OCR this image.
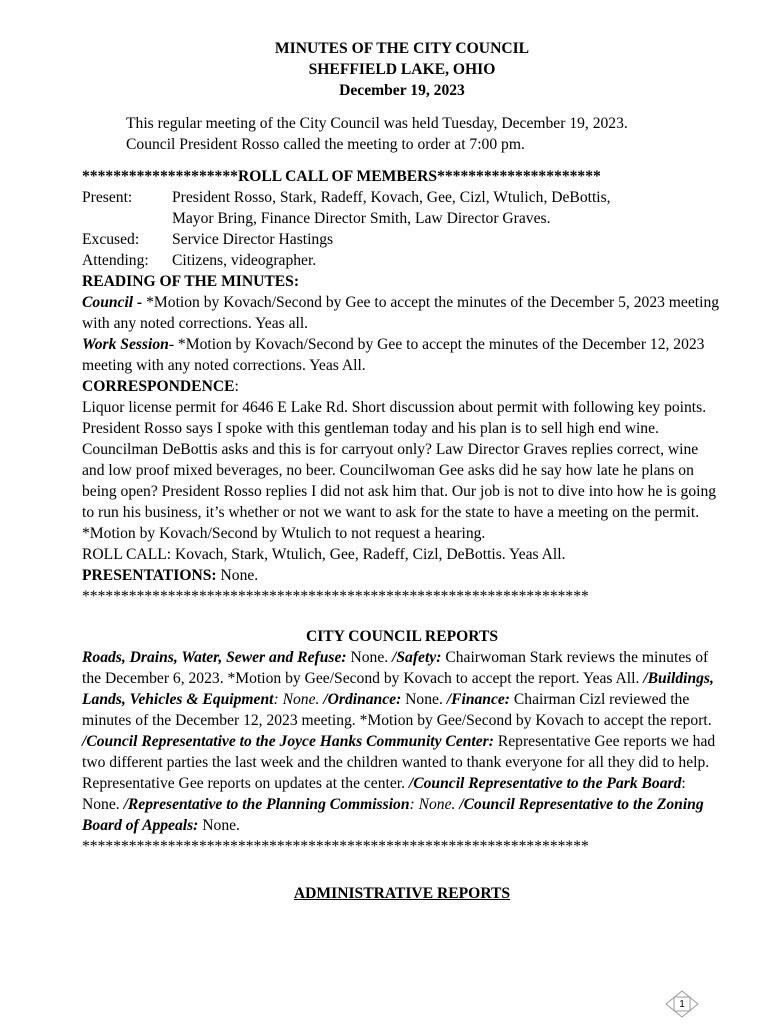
MINUTES OF THE CITY COUNCIL
SHEFFIELD LAKE, OHIO
December 19, 2023
This regular meeting of the City Council was held Tuesday, December 19, 2023.
Council President Rosso called the meeting to order at 7:00 pm.
********************ROLL CALL OF MEMBERS*********************
Present:	President Rosso, Stark, Radeff, Kovach, Gee, Cizl, Wtulich, DeBottis,
Mayor Bring, Finance Director Smith, Law Director Graves.
Excused:	Service Director Hastings
Attending:	Citizens, videographer.
READING OF THE MINUTES:
Council - *Motion by Kovach/Second by Gee to accept the minutes of the December 5, 2023 meeting with any noted corrections. Yeas all.
Work Session- *Motion by Kovach/Second by Gee to accept the minutes of the December 12, 2023 meeting with any noted corrections. Yeas All.
CORRESPONDENCE:
Liquor license permit for 4646 E Lake Rd. Short discussion about permit with following key points. President Rosso says I spoke with this gentleman today and his plan is to sell high end wine. Councilman DeBottis asks and this is for carryout only? Law Director Graves replies correct, wine and low proof mixed beverages, no beer. Councilwoman Gee asks did he say how late he plans on being open? President Rosso replies I did not ask him that. Our job is not to dive into how he is going to run his business, it’s whether or not we want to ask for the state to have a meeting on the permit.
*Motion by Kovach/Second by Wtulich to not request a hearing.
ROLL CALL: Kovach, Stark, Wtulich, Gee, Radeff, Cizl, DeBottis. Yeas All.
PRESENTATIONS: None.
*****************************************************************
CITY COUNCIL REPORTS
Roads, Drains, Water, Sewer and Refuse: None. /Safety: Chairwoman Stark reviews the minutes of the December 6, 2023. *Motion by Gee/Second by Kovach to accept the report. Yeas All. /Buildings, Lands, Vehicles & Equipment: None. /Ordinance: None. /Finance: Chairman Cizl reviewed the minutes of the December 12, 2023 meeting. *Motion by Gee/Second by Kovach to accept the report. /Council Representative to the Joyce Hanks Community Center: Representative Gee reports we had two different parties the last week and the children wanted to thank everyone for all they did to help. Representative Gee reports on updates at the center. /Council Representative to the Park Board: None. /Representative to the Planning Commission: None. /Council Representative to the Zoning Board of Appeals: None.
*****************************************************************
ADMINISTRATIVE REPORTS
1
